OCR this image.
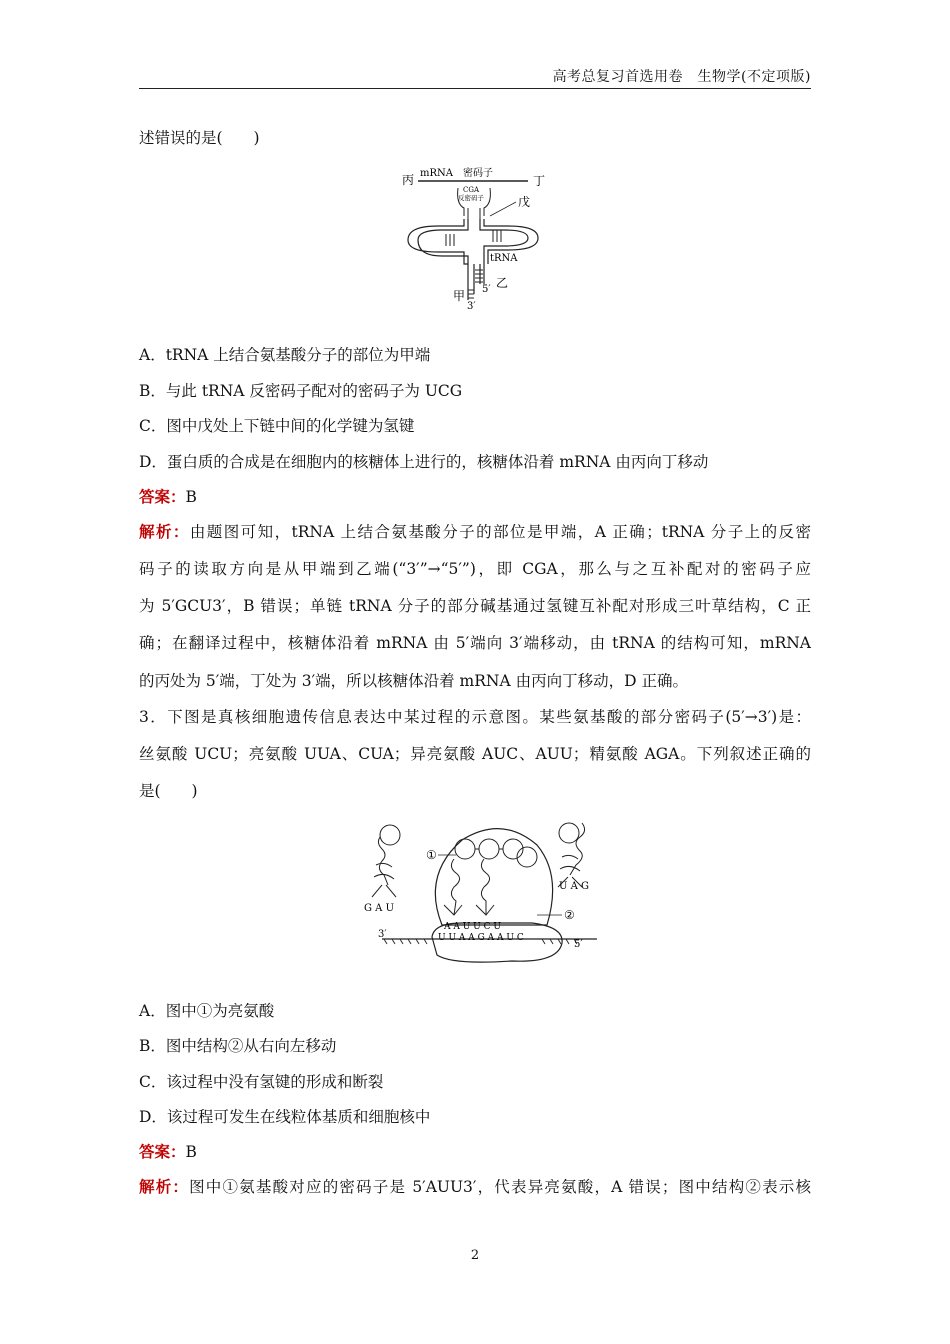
高考总复习首选用卷　生物学(不定项版)
述错误的是(　　)
丙 mRNA 密码子
丁
CGA
反密码子	戊
tRNA
乙
5′
甲
3′
A．tRNA 上结合氨基酸分子的部位为甲端
B．与此 tRNA 反密码子配对的密码子为 UCG
C．图中戊处上下链中间的化学键为氢键
D．蛋白质的合成是在细胞内的核糖体上进行的，核糖体沿着 mRNA 由丙向丁移动
答案：B
解析：由题图可知，tRNA 上结合氨基酸分子的部位是甲端，A 正确；tRNA 分子上的反密
码子的读取方向是从甲端到乙端(“3′”→“5′”)，即 CGA，那么与之互补配对的密码子应
为 5′GCU3′，B 错误；单链 tRNA 分子的部分碱基通过氢键互补配对形成三叶草结构，C 正
确；在翻译过程中，核糖体沿着 mRNA 由 5′端向 3′端移动，由 tRNA 的结构可知，mRNA
的丙处为 5′端，丁处为 3′端，所以核糖体沿着 mRNA 由丙向丁移动，D 正确。
3．下图是真核细胞遗传信息表达中某过程的示意图。某些氨基酸的部分密码子(5′→3′)是：
丝氨酸 UCU；亮氨酸 UUA、CUA；异亮氨酸 AUC、AUU；精氨酸 AGA。下列叙述正确的
是(　　)
3′
5′
A A U U C U
U U A A G A A U C
G A U
U A G
①
②
A．图中①为亮氨酸
B．图中结构②从右向左移动
C．该过程中没有氢键的形成和断裂
D．该过程可发生在线粒体基质和细胞核中
答案：B
解析：图中①氨基酸对应的密码子是 5′AUU3′，代表异亮氨酸，A 错误；图中结构②表示核
2
